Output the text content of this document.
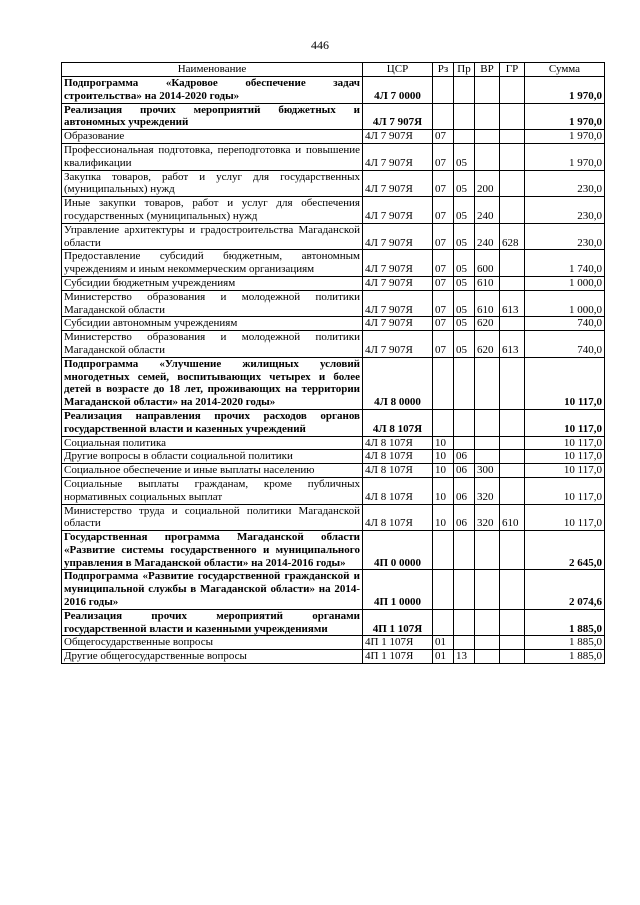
446
Наименование	ЦСР	Рз	Пр	ВР	ГР	Сумма
Подпрограмма «Кадровое обеспечение задач строительства» на 2014-2020 годы»	4Л 7 0000					1 970,0
Реализация прочих мероприятий бюджетных и автономных учреждений	4Л 7 907Я					1 970,0
Образование	4Л 7 907Я	07				1 970,0
Профессиональная подготовка, переподготовка и повышение квалификации	4Л 7 907Я	07	05			1 970,0
Закупка товаров, работ и услуг для государственных (муниципальных) нужд	4Л 7 907Я	07	05	200		230,0
Иные закупки товаров, работ и услуг для обеспечения государственных (муниципальных) нужд	4Л 7 907Я	07	05	240		230,0
Управление архитектуры и градостроительства Магаданской области	4Л 7 907Я	07	05	240	628	230,0
Предоставление субсидий бюджетным, автономным учреждениям и иным некоммерческим организациям	4Л 7 907Я	07	05	600		1 740,0
Субсидии бюджетным учреждениям	4Л 7 907Я	07	05	610		1 000,0
Министерство образования и молодежной политики Магаданской области	4Л 7 907Я	07	05	610	613	1 000,0
Субсидии автономным учреждениям	4Л 7 907Я	07	05	620		740,0
Министерство образования и молодежной политики Магаданской области	4Л 7 907Я	07	05	620	613	740,0
Подпрограмма «Улучшение жилищных условий многодетных семей, воспитывающих четырех и более детей в возрасте до 18 лет, проживающих на территории Магаданской области» на 2014-2020 годы»	4Л 8 0000					10 117,0
Реализация направления прочих расходов органов государственной власти и казенных учреждений	4Л 8 107Я					10 117,0
Социальная политика	4Л 8 107Я	10				10 117,0
Другие вопросы в области социальной политики	4Л 8 107Я	10	06			10 117,0
Социальное обеспечение и иные выплаты населению	4Л 8 107Я	10	06	300		10 117,0
Социальные выплаты гражданам, кроме публичных нормативных социальных выплат	4Л 8 107Я	10	06	320		10 117,0
Министерство труда и социальной политики Магаданской области	4Л 8 107Я	10	06	320	610	10 117,0
Государственная программа Магаданской области «Развитие системы государственного и муниципального управления в Магаданской области» на 2014-2016 годы»	4П 0 0000					2 645,0
Подпрограмма «Развитие государственной гражданской и муниципальной службы в Магаданской области» на 2014-2016 годы»	4П 1 0000					2 074,6
Реализация прочих мероприятий органами государственной власти и казенными учреждениями	4П 1 107Я					1 885,0
Общегосударственные вопросы	4П 1 107Я	01				1 885,0
Другие общегосударственные вопросы	4П 1 107Я	01	13			1 885,0
